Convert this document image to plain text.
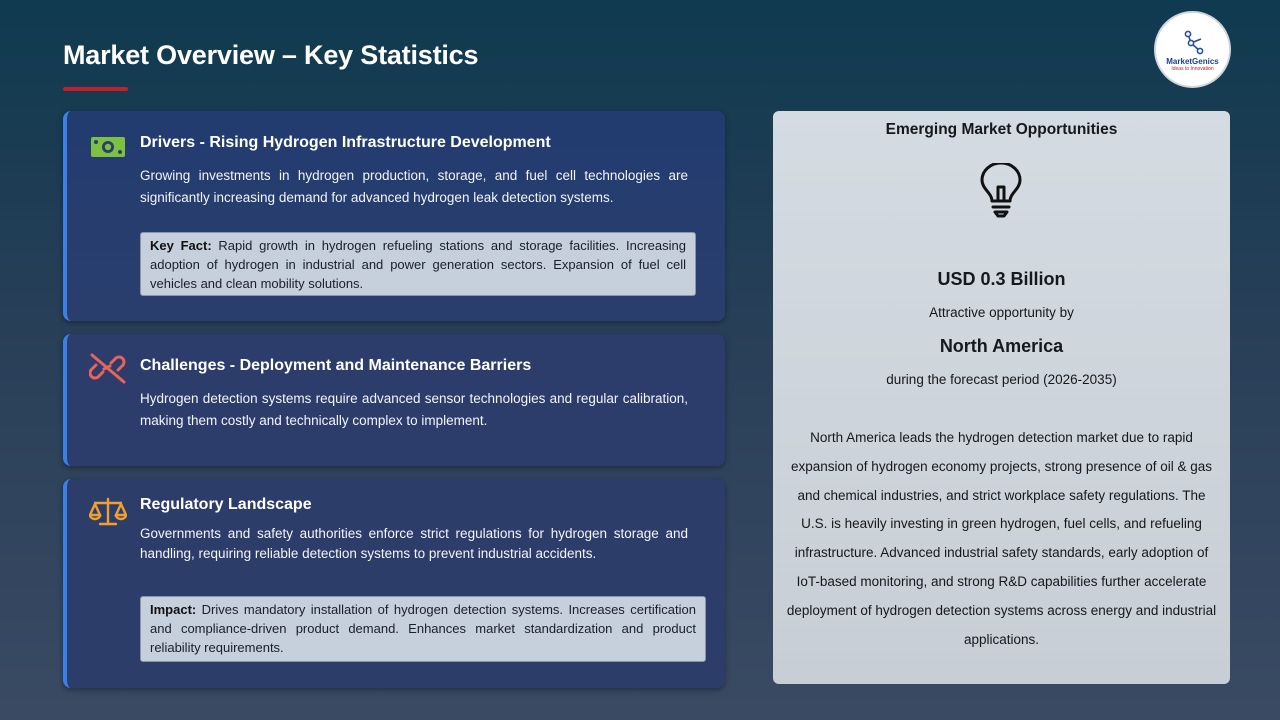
Market Overview – Key Statistics	MarketGenics
Ideas to Innovation
Drivers - Rising Hydrogen Infrastructure Development
Growing investments in hydrogen production, storage, and fuel cell technologies are significantly increasing demand for advanced hydrogen leak detection systems.
Key Fact: Rapid growth in hydrogen refueling stations and storage facilities. Increasing adoption of hydrogen in industrial and power generation sectors. Expansion of fuel cell vehicles and clean mobility solutions.
Challenges - Deployment and Maintenance Barriers
Hydrogen detection systems require advanced sensor technologies and regular calibration, making them costly and technically complex to implement.
Regulatory Landscape
Governments and safety authorities enforce strict regulations for hydrogen storage and handling, requiring reliable detection systems to prevent industrial accidents.
Impact: Drives mandatory installation of hydrogen detection systems. Increases certification and compliance-driven product demand. Enhances market standardization and product reliability requirements.
Emerging Market Opportunities
USD 0.3 Billion
Attractive opportunity by
North America
during the forecast period (2026-2035)
North America leads the hydrogen detection market due to rapid expansion of hydrogen economy projects, strong presence of oil & gas and chemical industries, and strict workplace safety regulations. The U.S. is heavily investing in green hydrogen, fuel cells, and refueling infrastructure. Advanced industrial safety standards, early adoption of IoT-based monitoring, and strong R&D capabilities further accelerate deployment of hydrogen detection systems across energy and industrial applications.
